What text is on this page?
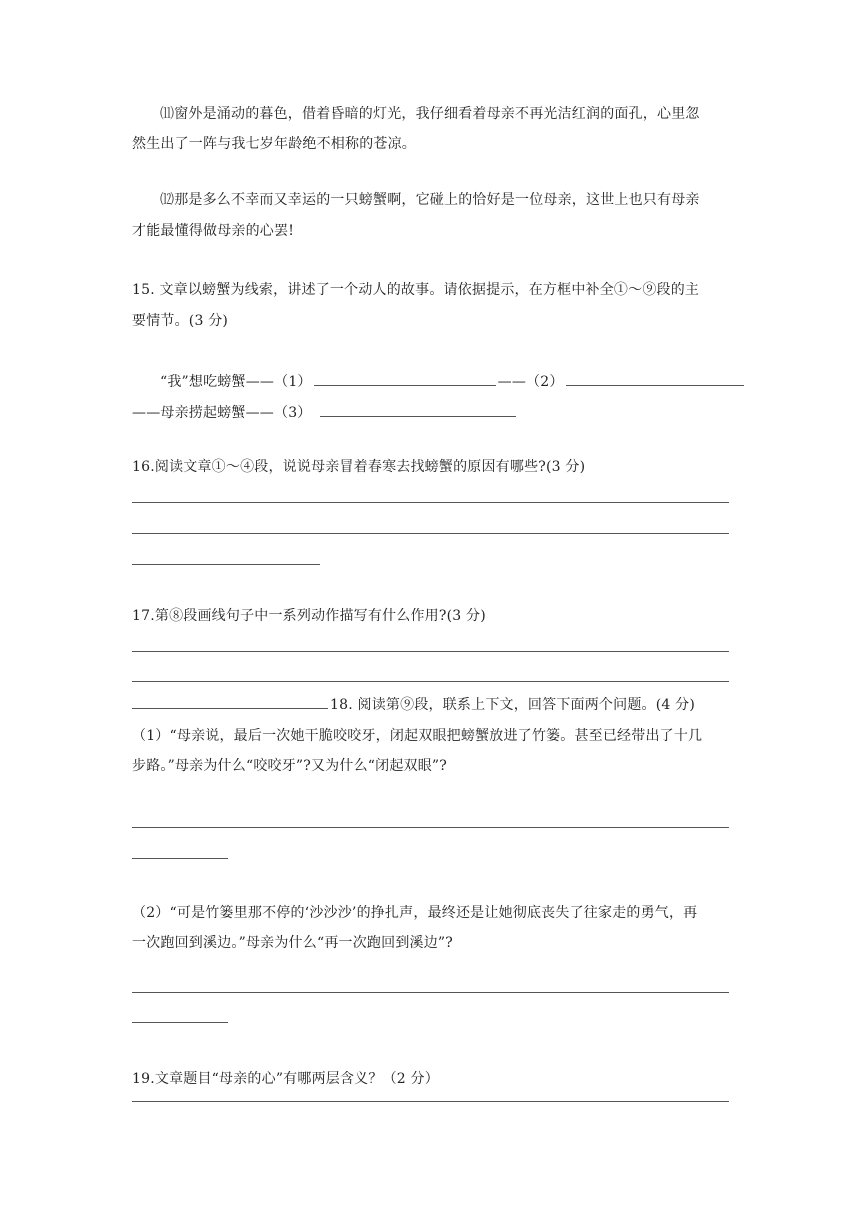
⑾窗外是涌动的暮色，借着昏暗的灯光，我仔细看着母亲不再光洁红润的面孔，心里忽
然生出了一阵与我七岁年龄绝不相称的苍凉。
⑿那是多么不幸而又幸运的一只螃蟹啊，它碰上的恰好是一位母亲，这世上也只有母亲
才能最懂得做母亲的心罢!
15. 文章以螃蟹为线索，讲述了一个动人的故事。请依据提示，在方框中补全①～⑨段的主
要情节。(3 分)
“我”想吃螃蟹——（1）	——（2）
——母亲捞起螃蟹——（3）
16.阅读文章①～④段，说说母亲冒着春寒去找螃蟹的原因有哪些?(3 分)
17.第⑧段画线句子中一系列动作描写有什么作用?(3 分)
18. 阅读第⑨段，联系上下文，回答下面两个问题。(4 分)
（1）“母亲说，最后一次她干脆咬咬牙，闭起双眼把螃蟹放进了竹篓。甚至已经带出了十几
步路。”母亲为什么“咬咬牙”?又为什么“闭起双眼”?
（2）“可是竹篓里那不停的‘沙沙沙’的挣扎声，最终还是让她彻底丧失了往家走的勇气，再
一次跑回到溪边。”母亲为什么“再一次跑回到溪边”?
19.文章题目“母亲的心”有哪两层含义？（2 分）
